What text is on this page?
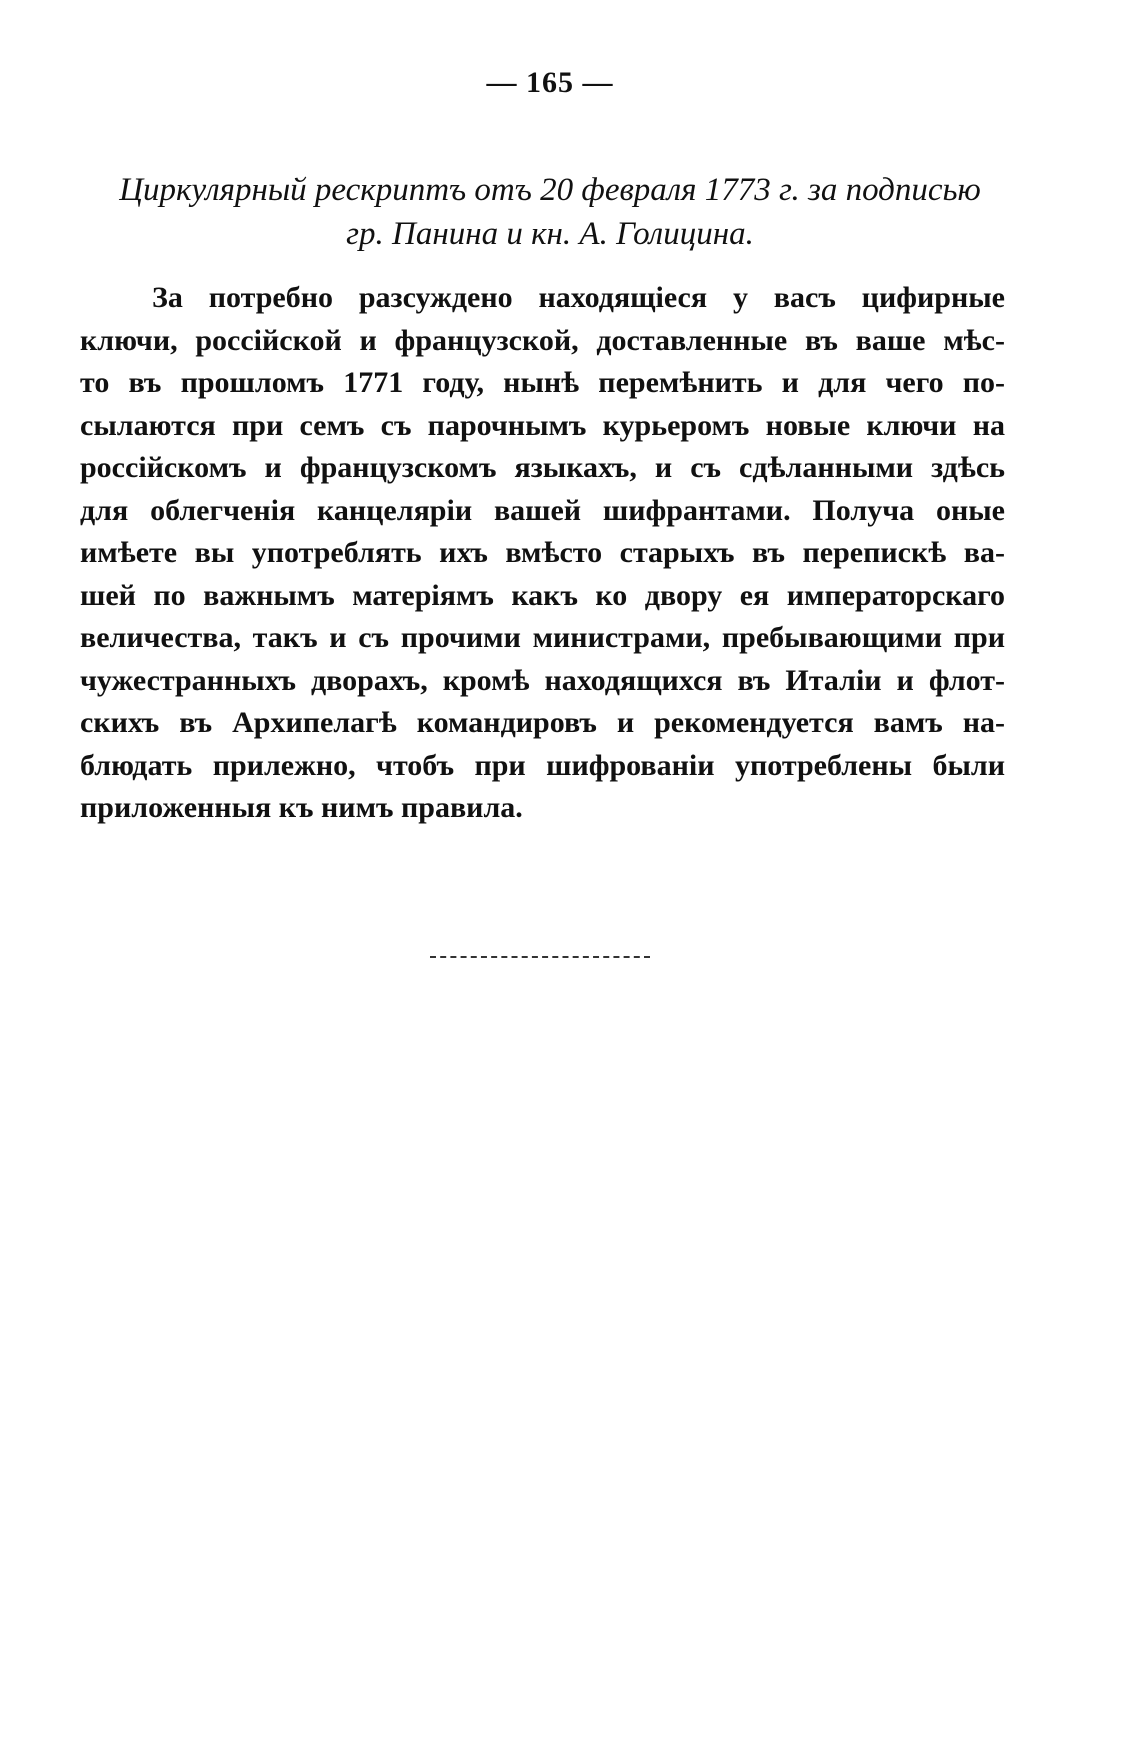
— 165 —
Циркулярный рескриптъ отъ 20 февраля 1773 г. за подписью
гр. Панина и кн. А. Голицина.
За потребно разсуждено находящіеся у васъ цифирные
ключи, россійской и французской, доставленные въ ваше мѣс-
то въ прошломъ 1771 году, нынѣ перемѣнить и для чего по-
сылаются при семъ съ парочнымъ курьеромъ новые ключи на
россійскомъ и французскомъ языкахъ, и съ сдѣланными здѣсь
для облегченія канцеляріи вашей шифрантами. Получа оные
имѣете вы употреблять ихъ вмѣсто старыхъ въ перепискѣ ва-
шей по важнымъ матеріямъ какъ ко двору ея императорскаго
величества, такъ и съ прочими министрами, пребывающими при
чужестранныхъ дворахъ, кромѣ находящихся въ Италіи и флот-
скихъ въ Архипелагѣ командировъ и рекомендуется вамъ на-
блюдать прилежно, чтобъ при шифрованіи употреблены были
приложенныя къ нимъ правила.
